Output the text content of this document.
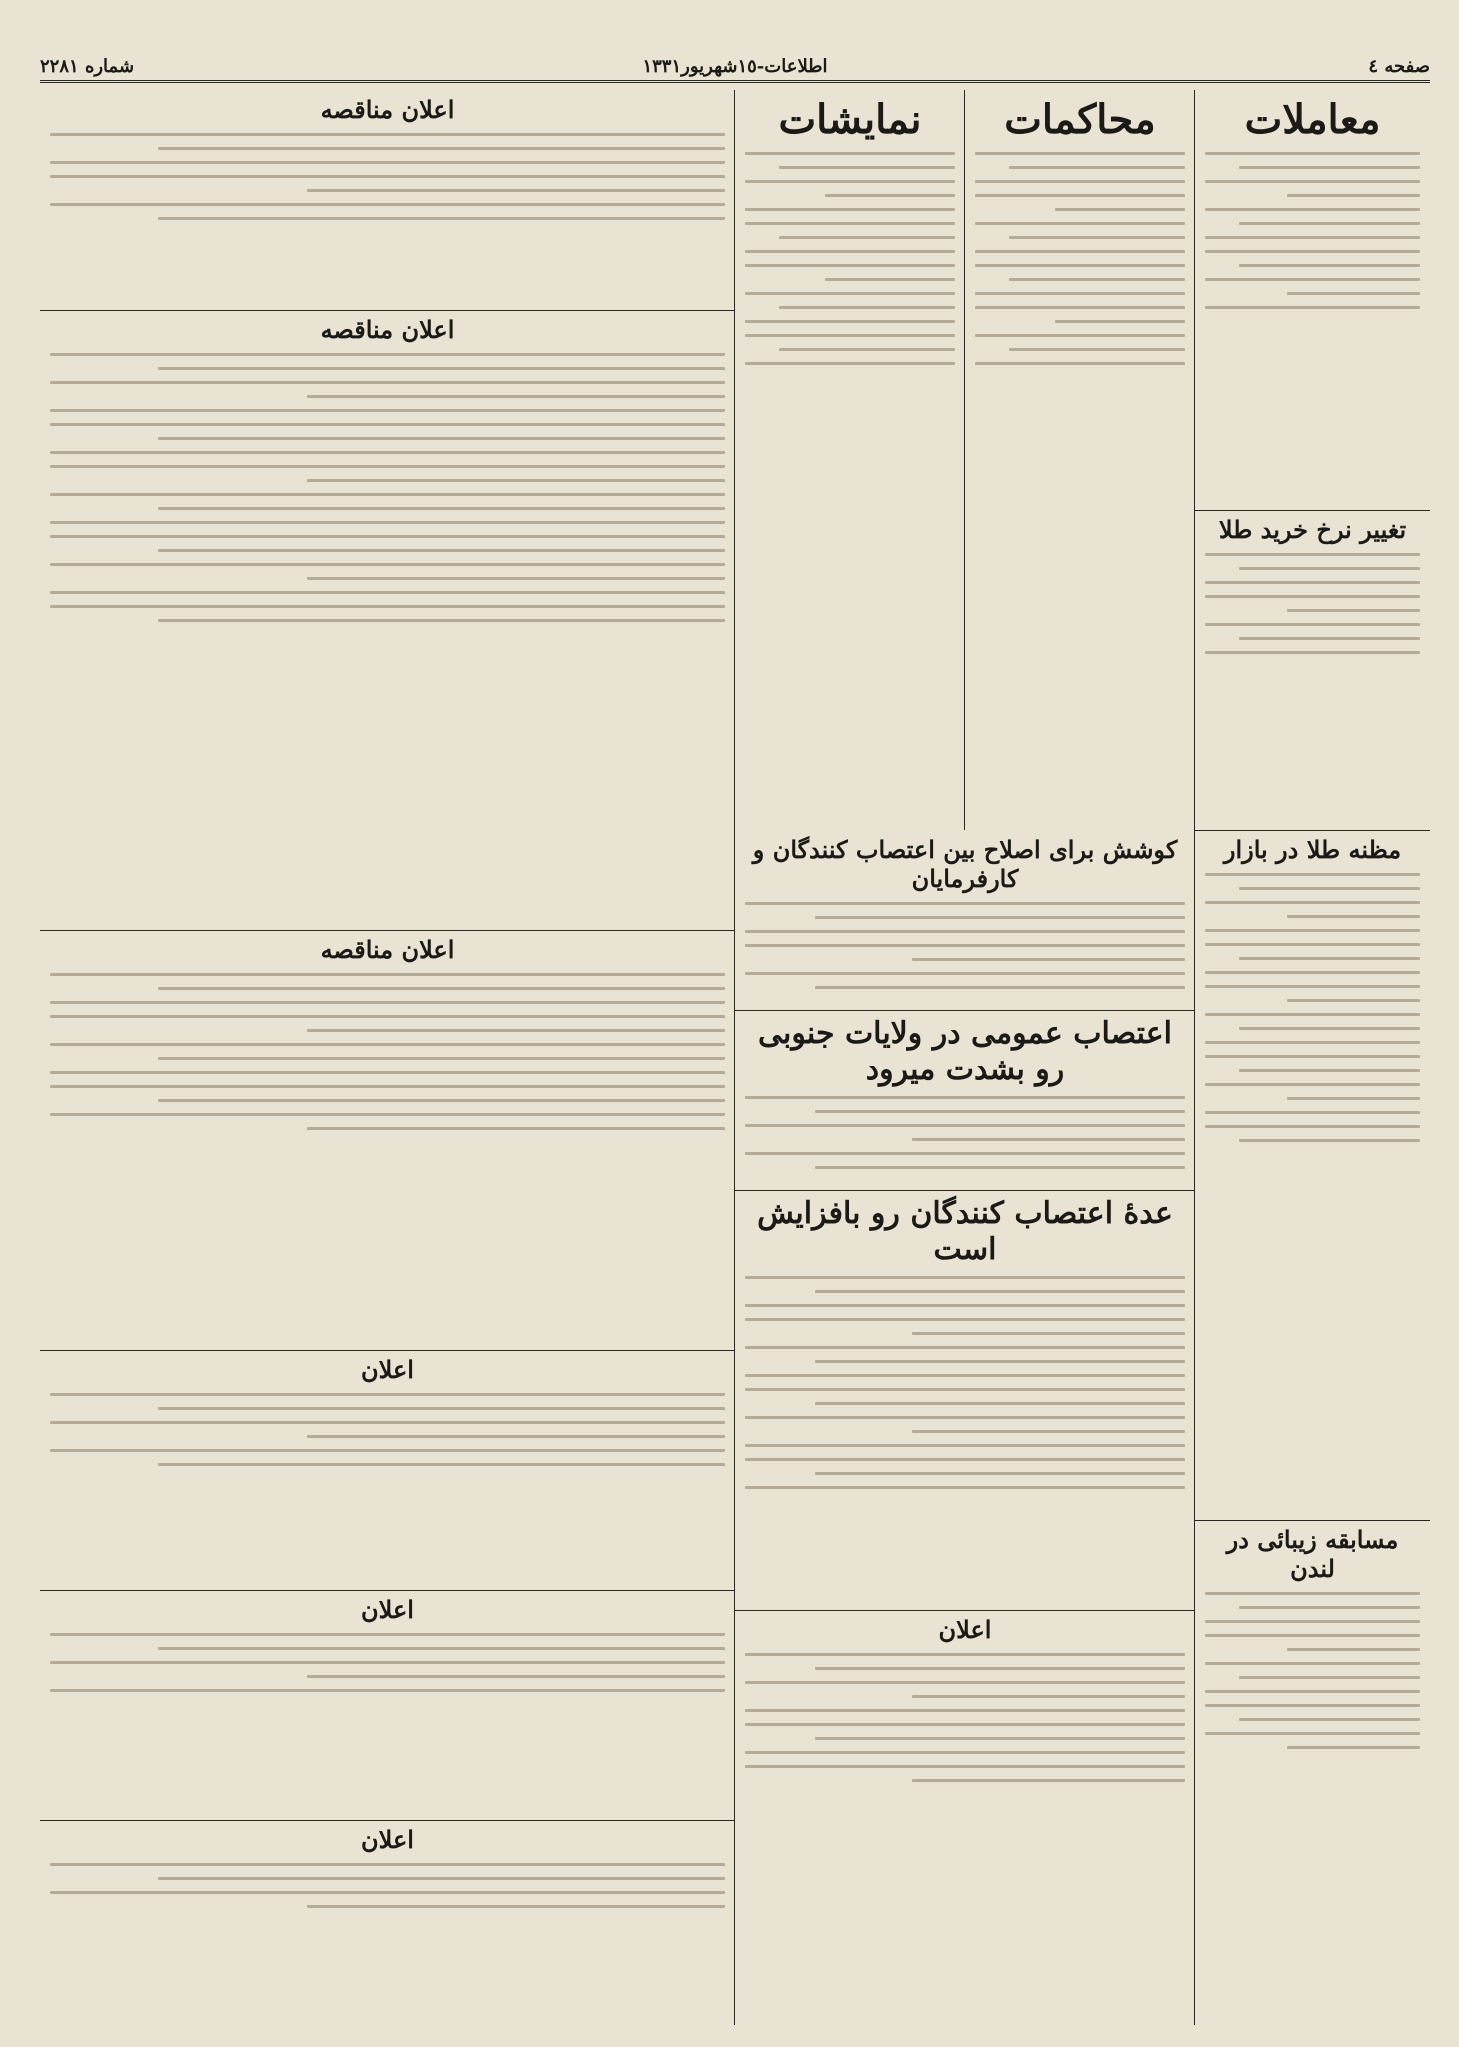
صفحه ٤
اطلاعات-١٥شهریور١٣٣١
شماره ٢٢٨١
معاملات
تغییر نرخ خرید طلا
مظنه طلا در بازار
مسابقه زیبائی در لندن
محاکمات
نمایشات
کوشش برای اصلاح بین اعتصاب کنندگان و کارفرمایان
اعتصاب عمومی در ولایات جنوبی رو بشدت میرود
عدهٔ اعتصاب کنندگان رو بافزایش است
اعلان
اعلان مناقصه
اعلان مناقصه
اعلان مناقصه
اعلان
اعلان
اعلان
